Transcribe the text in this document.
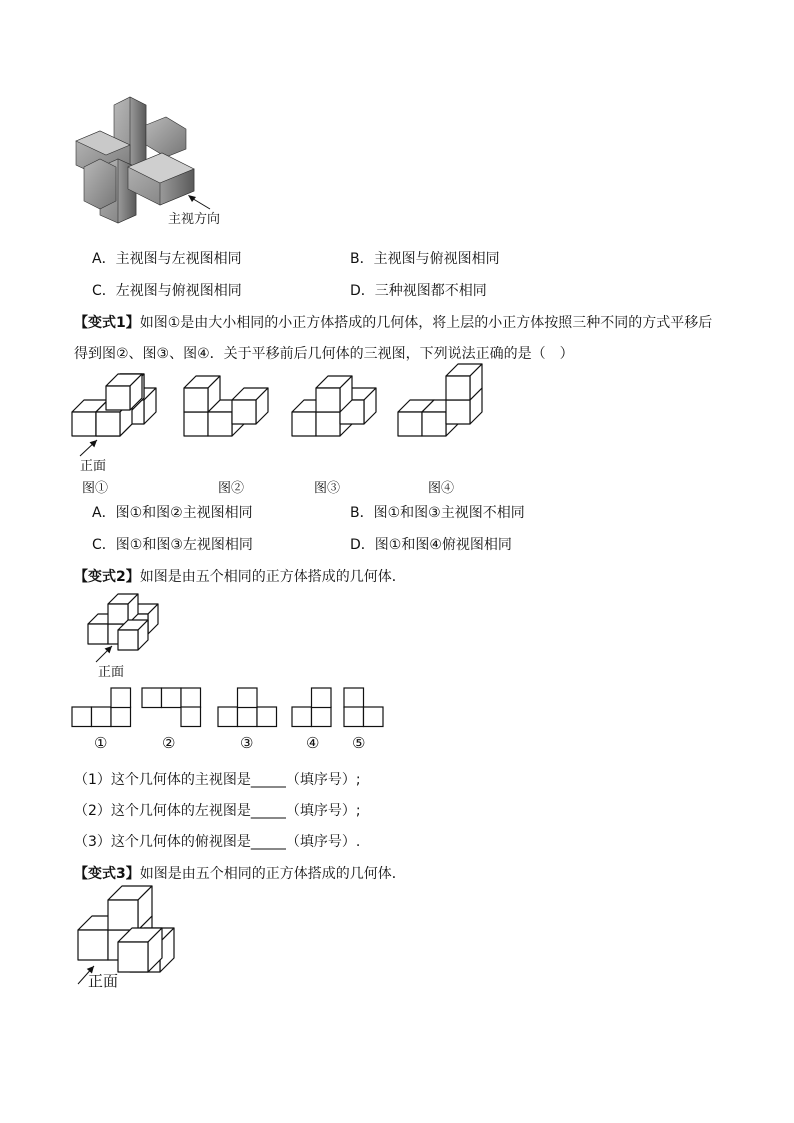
主视方向
A．主视图与左视图相同	B．主视图与俯视图相同
C．左视图与俯视图相同	D．三种视图都不相同
【变式1】如图①是由大小相同的小正方体搭成的几何体，将上层的小正方体按照三种不同的方式平移后
得到图②、图③、图④．关于平移前后几何体的三视图，下列说法正确的是（　）
正面
图①	图②	图③	图④
A．图①和图②主视图相同	B．图①和图③主视图不相同
C．图①和图③左视图相同	D．图①和图④俯视图相同
【变式2】如图是由五个相同的正方体搭成的几何体．
正面
①	②	③	④ ⑤
（1）这个几何体的主视图是_____（填序号）;
（2）这个几何体的左视图是_____（填序号）;
（3）这个几何体的俯视图是_____（填序号）.
【变式3】如图是由五个相同的正方体搭成的几何体．
正面
